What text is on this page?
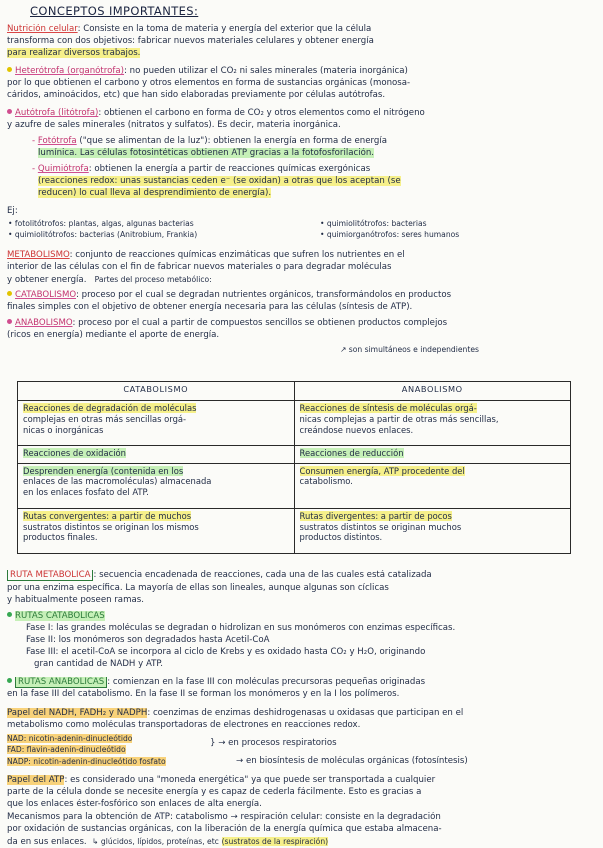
CONCEPTOS IMPORTANTES:
Nutrición celular: Consiste en la toma de materia y energía del exterior que la célula
transforma con dos objetivos: fabricar nuevos materiales celulares y obtener energía
para realizar diversos trabajos.
Heterótrofa (organótrofa): no pueden utilizar el CO₂ ni sales minerales (materia inorgánica)
por lo que obtienen el carbono y otros elementos en forma de sustancias orgánicas (monosa-
cáridos, aminoácidos, etc) que han sido elaboradas previamente por células autótrofas.
Autótrofa (litótrofa): obtienen el carbono en forma de CO₂ y otros elementos como el nitrógeno
y azufre de sales minerales (nitratos y sulfatos). Es decir, materia inorgánica.
- Fotótrofa ("que se alimentan de la luz"): obtienen la energía en forma de energía
lumínica. Las células fotosintéticas obtienen ATP gracias a la fotofosforilación.
- Quimiótrofa: obtienen la energía a partir de reacciones químicas exergónicas
(reacciones redox: unas sustancias ceden e⁻ (se oxidan) a otras que los aceptan (se
reducen) lo cual lleva al desprendimiento de energía).
Ej:
• fotolitótrofos: plantas, algas, algunas bacterias	• quimiolitótrofos: bacterias
• quimiolitótrofos: bacterias (Anitrobium, Frankia)	• quimiorganótrofos: seres humanos
METABOLISMO: conjunto de reacciones químicas enzimáticas que sufren los nutrientes en el
interior de las células con el fin de fabricar nuevos materiales o para degradar moléculas
y obtener energía. Partes del proceso metabólico:
CATABOLISMO: proceso por el cual se degradan nutrientes orgánicos, transformándolos en productos
finales simples con el objetivo de obtener energía necesaria para las células (síntesis de ATP).
ANABOLISMO: proceso por el cual a partir de compuestos sencillos se obtienen productos complejos
(ricos en energía) mediante el aporte de energía.
↗ son simultáneos e independientes
CATABOLISMO	ANABOLISMO

Reacciones de degradación de moléculas
complejas en otras más sencillas orgá-
nicas o inorgánicas	Reacciones de síntesis de moléculas orgá-
nicas complejas a partir de otras más sencillas,
creándose nuevos enlaces.

Reacciones de oxidación	Reacciones de reducción

Desprenden energía (contenida en los
enlaces de las macromoléculas) almacenada
en los enlaces fosfato del ATP.	Consumen energía, ATP procedente del
catabolismo.

Rutas convergentes: a partir de muchos
sustratos distintos se originan los mismos
productos finales.	Rutas divergentes: a partir de pocos
sustratos distintos se originan muchos
productos distintos.
RUTA METABÓLICA : secuencia encadenada de reacciones, cada una de las cuales está catalizada
por una enzima específica. La mayoría de ellas son lineales, aunque algunas son cíclicas
y habitualmente poseen ramas.
RUTAS CATABÓLICAS
Fase I: las grandes moléculas se degradan o hidrolizan en sus monómeros con enzimas específicas.
Fase II: los monómeros son degradados hasta Acetil-CoA
Fase III: el acetil-CoA se incorpora al ciclo de Krebs y es oxidado hasta CO₂ y H₂O, originando
gran cantidad de NADH y ATP.
RUTAS ANABÓLICAS : comienzan en la fase III con moléculas precursoras pequeñas originadas
en la fase III del catabolismo. En la fase II se forman los monómeros y en la I los polímeros.
Papel del NADH, FADH₂ y NADPH: coenzimas de enzimas deshidrogenasas u oxidasas que participan en el
metabolismo como moléculas transportadoras de electrones en reacciones redox.
NAD: nicotin-adenin-dinucleótido
FAD: flavin-adenin-dinucleótido
} → en procesos respiratorios
NADP: nicotin-adenin-dinucleótido fosfato	→ en biosíntesis de moléculas orgánicas (fotosíntesis)
Papel del ATP: es considerado una "moneda energética" ya que puede ser transportada a cualquier
parte de la célula donde se necesite energía y es capaz de cederla fácilmente. Esto es gracias a
que los enlaces éster-fosfórico son enlaces de alta energía.
Mecanismos para la obtención de ATP: catabolismo → respiración celular: consiste en la degradación
por oxidación de sustancias orgánicas, con la liberación de la energía química que estaba almacena-
da en sus enlaces. ↳ glúcidos, lípidos, proteínas, etc (sustratos de la respiración)
